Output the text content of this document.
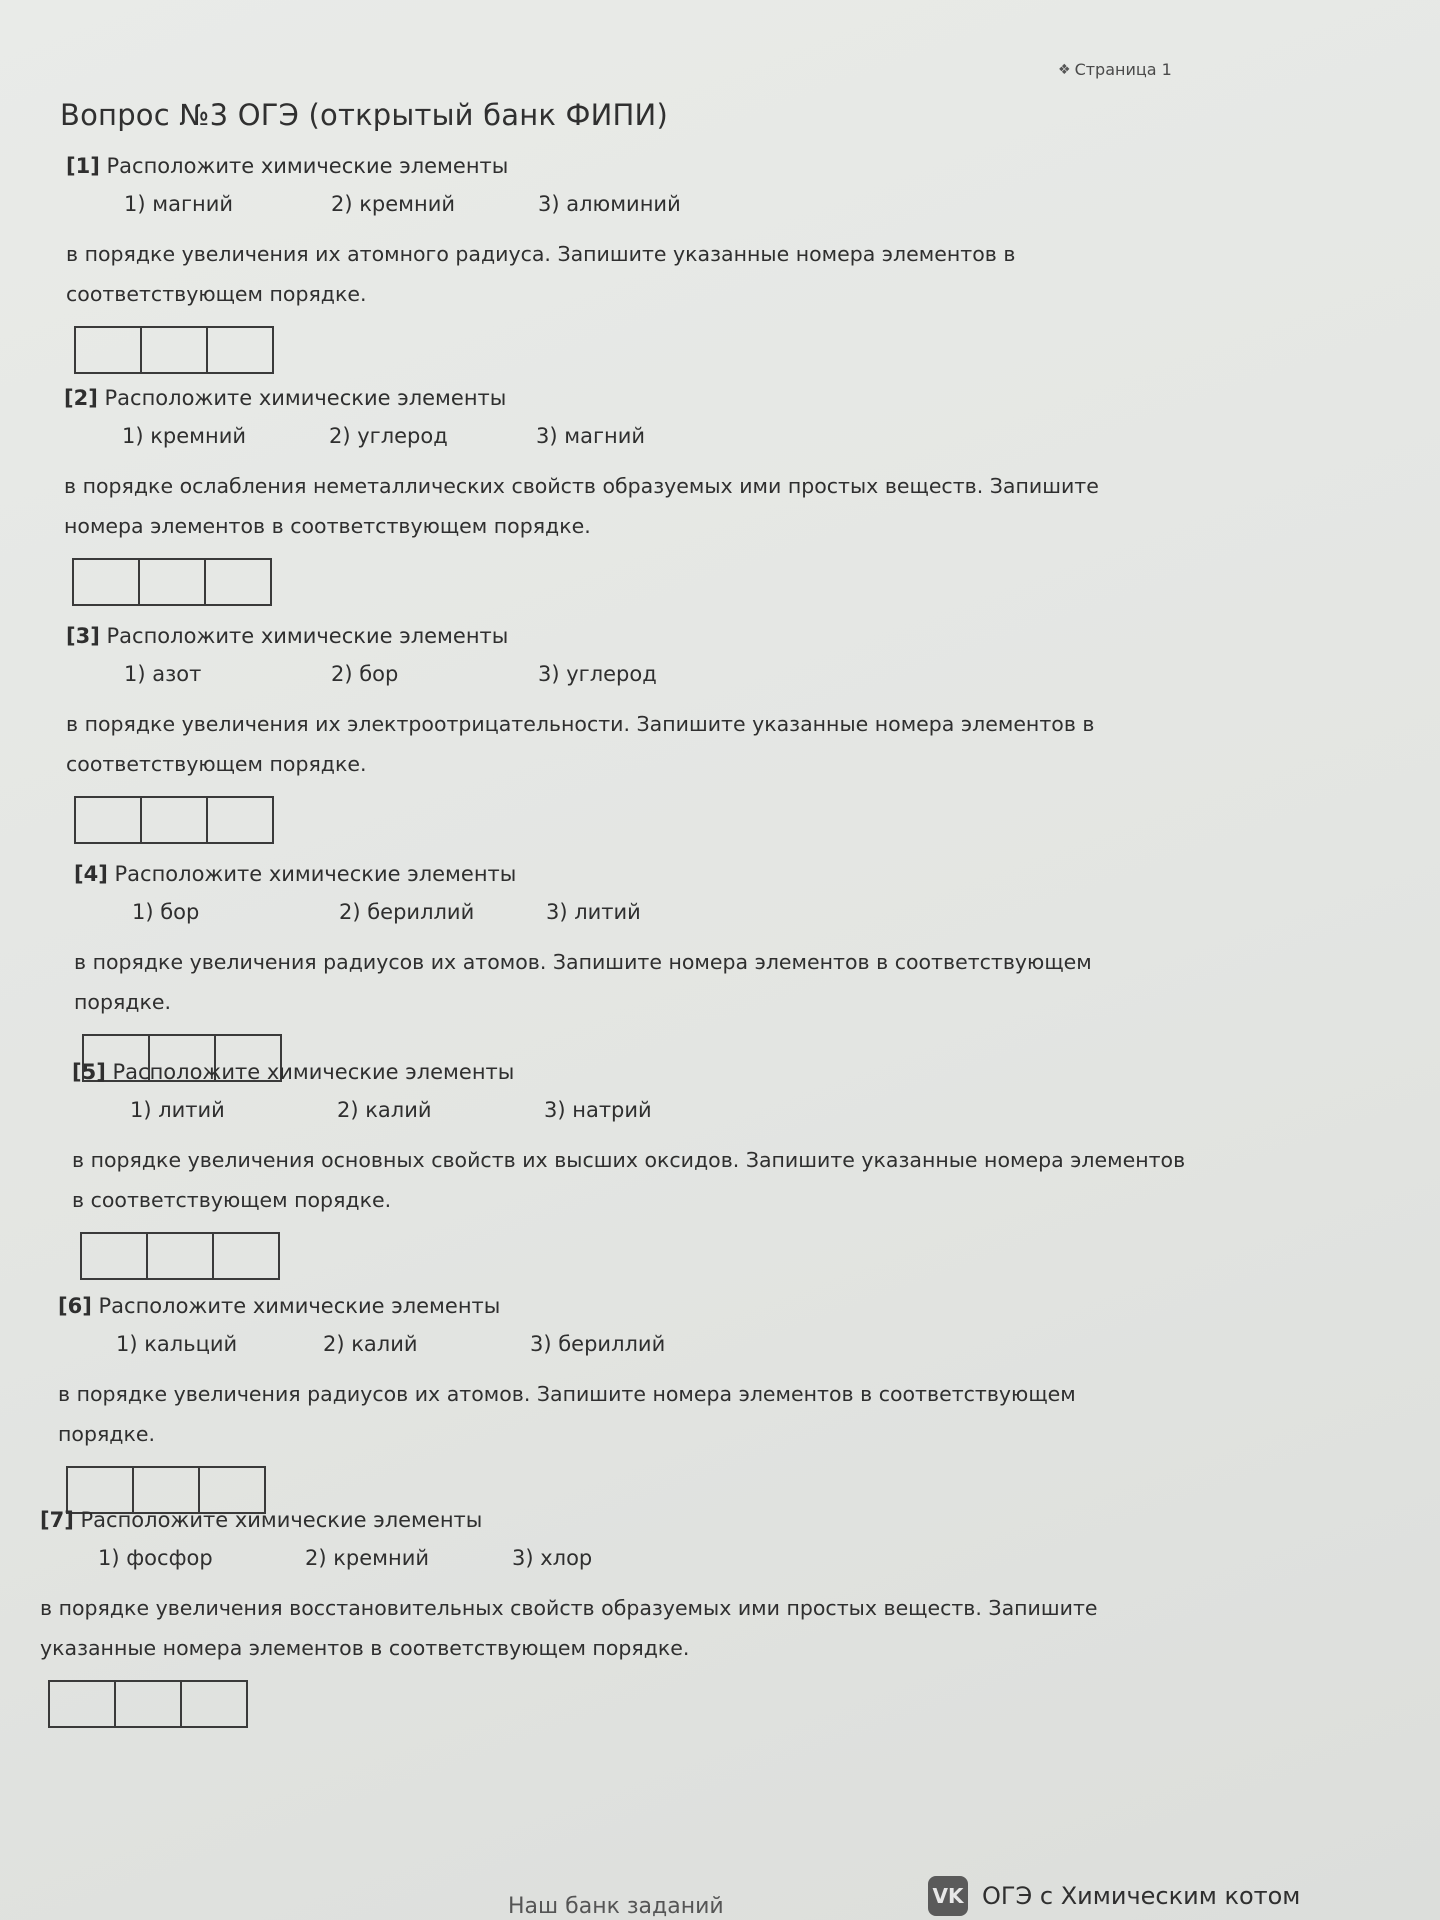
❖ Страница 1
Вопрос №3 ОГЭ (открытый банк ФИПИ)
[1] Расположите химические элементы
1) магний	2) кремний	3) алюминий
в порядке увеличения их атомного радиуса. Запишите указанные номера элементов в соответствующем порядке.
[2] Расположите химические элементы
1) кремний	2) углерод	3) магний
в порядке ослабления неметаллических свойств образуемых ими простых веществ. Запишите номера элементов в соответствующем порядке.
[3] Расположите химические элементы
1) азот	2) бор	3) углерод
в порядке увеличения их электроотрицательности. Запишите указанные номера элементов в соответствующем порядке.
[4] Расположите химические элементы
1) бор	2) бериллий	3) литий
в порядке увеличения радиусов их атомов. Запишите номера элементов в соответствующем порядке.
[5] Расположите химические элементы
1) литий	2) калий	3) натрий
в порядке увеличения основных свойств их высших оксидов. Запишите указанные номера элементов в соответствующем порядке.
[6] Расположите химические элементы
1) кальций	2) калий	3) бериллий
в порядке увеличения радиусов их атомов. Запишите номера элементов в соответствующем порядке.
[7] Расположите химические элементы
1) фосфор	2) кремний	3) хлор
в порядке увеличения восстановительных свойств образуемых ими простых веществ. Запишите указанные номера элементов в соответствующем порядке.
Наш банк заданий	VK ОГЭ с Химическим котом
